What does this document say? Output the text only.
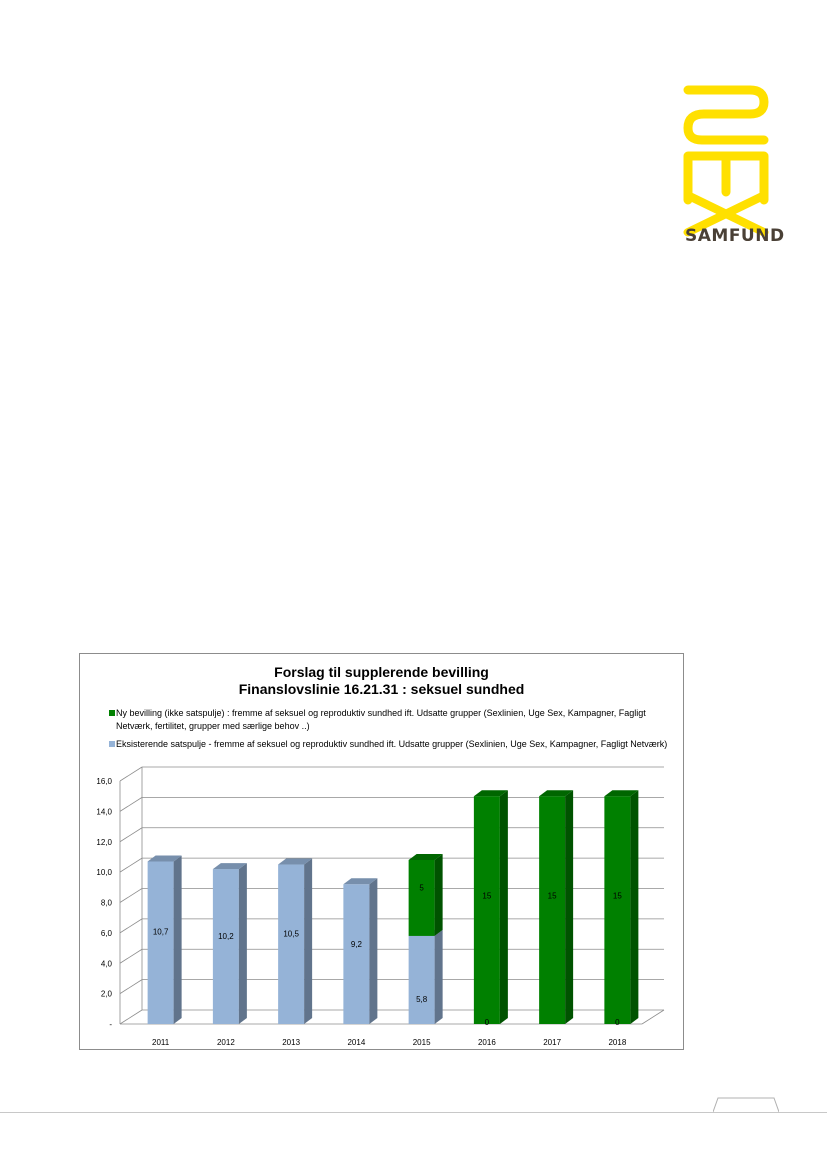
SAMFUND
Forslag til supplerende bevilling
Finanslovslinie 16.21.31 : seksuel sundhed
Ny bevilling (ikke satspulje) : fremme af seksuel og reproduktiv sundhed ift. Udsatte grupper (Sexlinien, Uge Sex, Kampagner, Fagligt Netværk, fertilitet, grupper med særlige behov ..)
Eksisterende satspulje - fremme af seksuel og reproduktiv sundhed ift. Udsatte grupper (Sexlinien, Uge Sex, Kampagner, Fagligt Netværk)
-
2,0
4,0
6,0
8,0
10,0
12,0
14,0
16,0
10,7
2011
10,2
2012
10,5
2013
9,2
2014
5,8
5
2015
0
15
2016
15
2017
0
15
2018
